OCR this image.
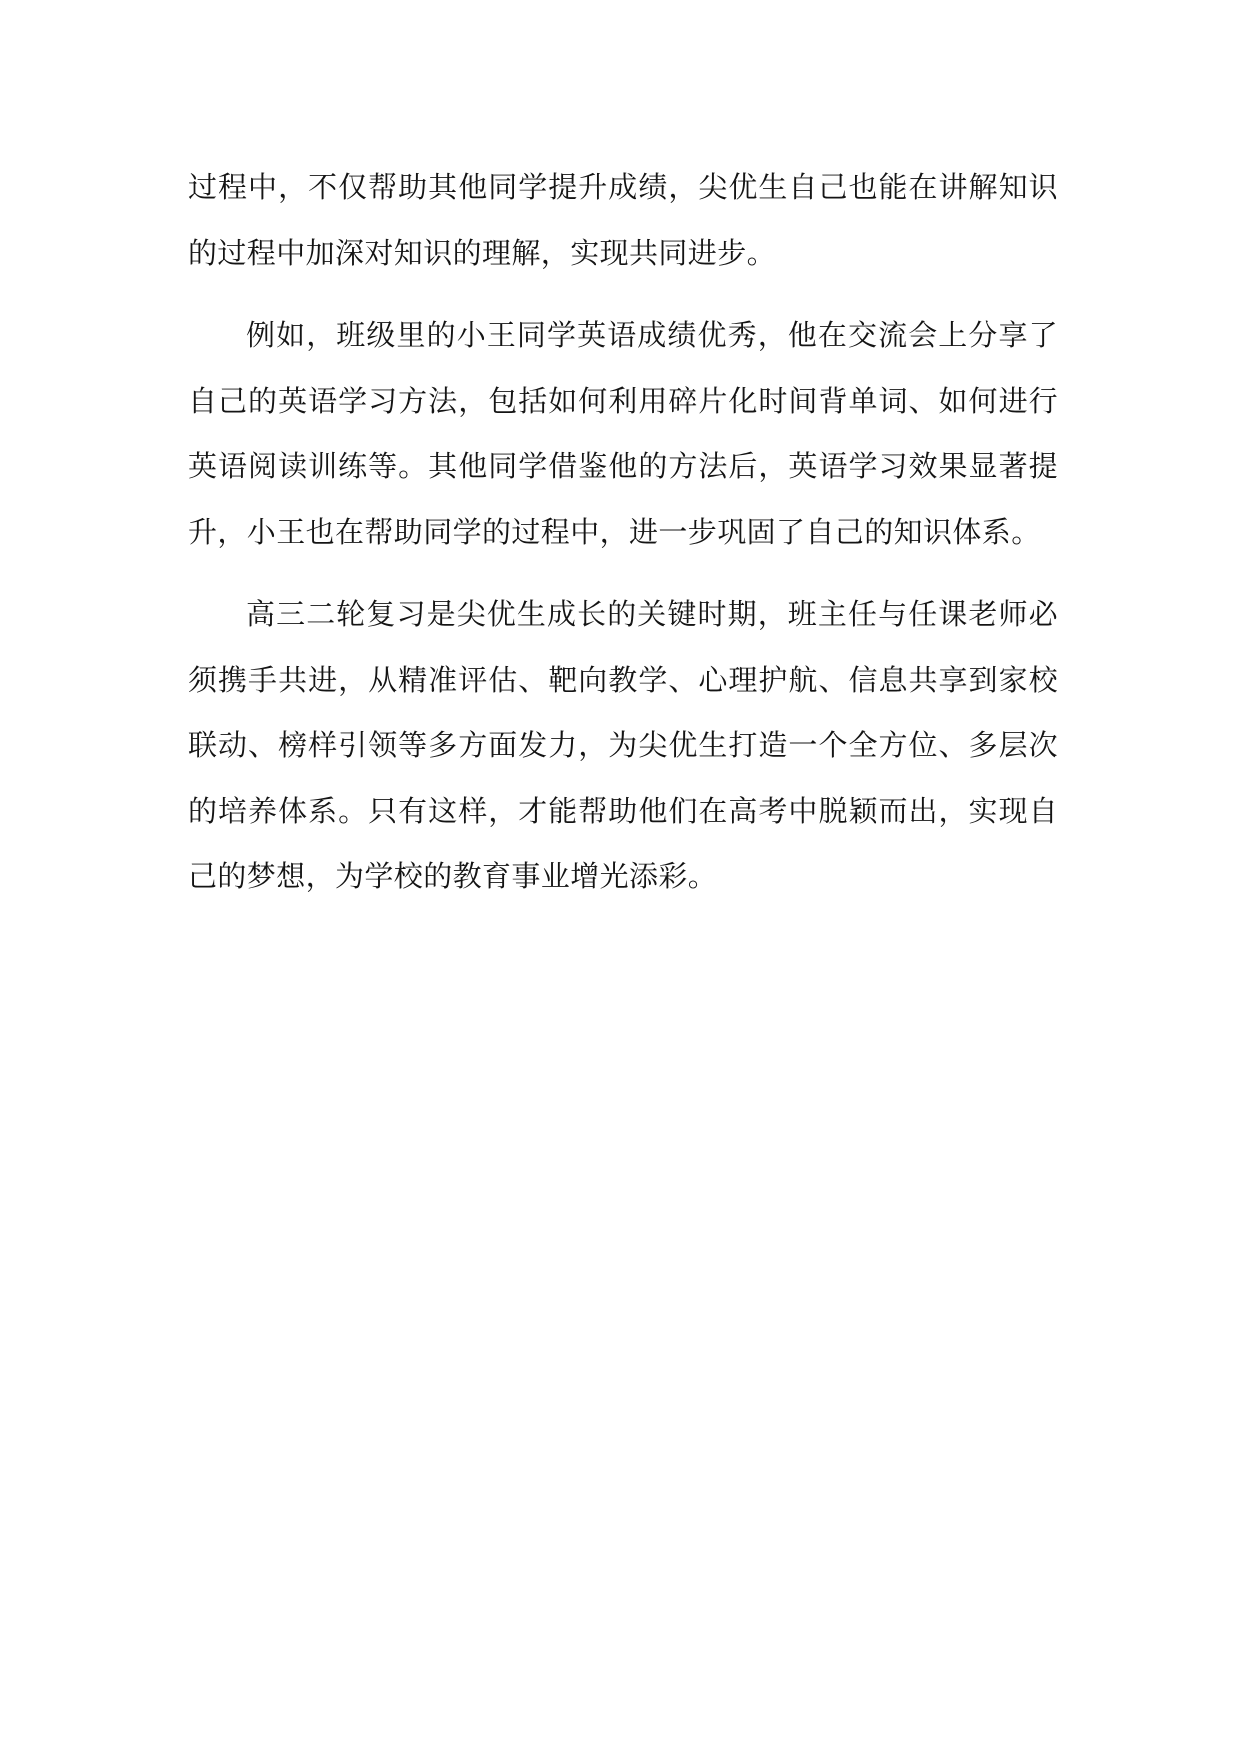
过程中，不仅帮助其他同学提升成绩，尖优生自己也能在讲解知识的过程中加深对知识的理解，实现共同进步。

例如，班级里的小王同学英语成绩优秀，他在交流会上分享了自己的英语学习方法，包括如何利用碎片化时间背单词、如何进行英语阅读训练等。其他同学借鉴他的方法后，英语学习效果显著提升，小王也在帮助同学的过程中，进一步巩固了自己的知识体系。

高三二轮复习是尖优生成长的关键时期，班主任与任课老师必须携手共进，从精准评估、靶向教学、心理护航、信息共享到家校联动、榜样引领等多方面发力，为尖优生打造一个全方位、多层次的培养体系。只有这样，才能帮助他们在高考中脱颖而出，实现自己的梦想，为学校的教育事业增光添彩。
